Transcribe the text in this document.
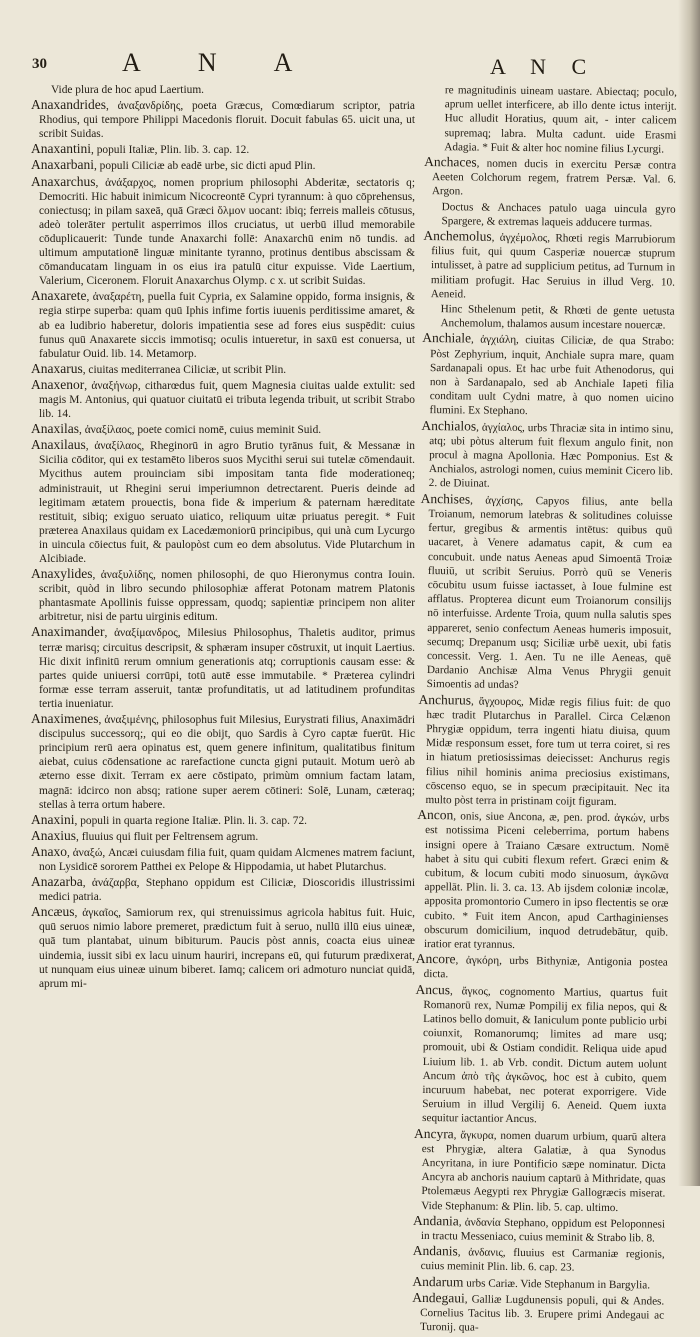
30	A N A	A N C

Vide plura de hoc apud Laertium.

Anaxandrides, ἀναξανδρίδης, poeta Græcus, Comœdiarum scriptor, patria Rhodius, qui tempore Philippi Macedonis floruit. Docuit fabulas 65. uicit una, ut scribit Suidas.

Anaxantini, populi Italiæ, Plin. lib. 3. cap. 12.

Anaxarbani, populi Ciliciæ ab eadē urbe, sic dicti apud Plin.

Anaxarchus, ἀνάξαρχος, nomen proprium philosophi Abderitæ, sectatoris q; Democriti. Hic habuit inimicum Nicocreontē Cypri tyrannum: à quo cōprehensus, coniectusq; in pilam saxeā, quā Græci ὅλμον uocant: ibiq; ferreis malleis cōtusus, adeò tolerāter pertulit asperrimos illos cruciatus, ut uerbū illud memorabile cōduplicauerit: Tunde tunde Anaxarchi follē: Anaxarchū enim nō tundis. ad ultimum amputationē linguæ minitante tyranno, protinus dentibus abscissam & cōmanducatam linguam in os eius ira patulū citur expuisse. Vide Laertium, Valerium, Ciceronem. Floruit Anaxarchus Olymp. c x. ut scribit Suidas.

Anaxarete, ἀναξαρέτη, puella fuit Cypria, ex Salamine oppido, forma insignis, & regia stirpe superba: quam quū Iphis infime fortis iuuenis perditissime amaret, & ab ea ludibrio haberetur, doloris impatientia sese ad fores eius suspēdit: cuius funus quū Anaxarete siccis immotisq; oculis intueretur, in saxū est conuersa, ut fabulatur Ouid. lib. 14. Metamorp.

Anaxarus, ciuitas mediterranea Ciliciæ, ut scribit Plin.

Anaxenor, ἀναξήνωρ, citharœdus fuit, quem Magnesia ciuitas ualde extulit: sed magis M. Antonius, qui quatuor ciuitatū ei tributa legenda tribuit, ut scribit Strabo lib. 14.

Anaxilas, ἀναξίλαος, poete comici nomē, cuius meminit Suid.

Anaxilaus, ἀναξίλαος, Rheginorū in agro Brutio tyrānus fuit, & Messanæ in Sicilia cōditor, qui ex testamēto liberos suos Mycithi serui sui tutelæ cōmendauit. Mycithus autem prouinciam sibi impositam tanta fide moderationeq; administrauit, ut Rhegini serui imperiumnon detrectarent. Pueris deinde ad legitimam ætatem prouectis, bona fide & imperium & paternam hæreditate restituit, sibiq; exiguo seruato uiatico, reliquum uitæ priuatus peregit. * Fuit præterea Anaxilaus quidam ex Lacedæmoniorū principibus, qui unà cum Lycurgo in uincula cōiectus fuit, & paulopòst cum eo dem absolutus. Vide Plutarchum in Alcibiade.

Anaxylides, ἀναξυλίδης, nomen philosophi, de quo Hieronymus contra Iouin. scribit, quòd in libro secundo philosophiæ afferat Potonam matrem Platonis phantasmate Apollinis fuisse oppressam, quodq; sapientiæ principem non aliter arbitretur, nisi de partu uirginis editum.

Anaximander, ἀναξίμανδρος, Milesius Philosophus, Thaletis auditor, primus terræ marisq; circuitus descripsit, & sphæram insuper cōstruxit, ut inquit Laertius. Hic dixit infinitū rerum omnium generationis atq; corruptionis causam esse: & partes quide uniuersi corrūpi, totū autē esse immutabile. * Præterea cylindri formæ esse terram asseruit, tantæ profunditatis, ut ad latitudinem profunditas tertia inueniatur.

Anaximenes, ἀναξιμένης, philosophus fuit Milesius, Eurystrati filius, Anaximādri discipulus successorq;, qui eo die obijt, quo Sardis à Cyro captæ fuerūt. Hic principium rerū aera opinatus est, quem genere infinitum, qualitatibus finitum aiebat, cuius cōdensatione ac rarefactione cuncta gigni putauit. Motum uerò ab æterno esse dixit. Terram ex aere cōstipato, primùm omnium factam latam, magnā: idcirco non absq; ratione super aerem cōtineri: Solē, Lunam, cæteraq; stellas à terra ortum habere.

Anaxini, populi in quarta regione Italiæ. Plin. li. 3. cap. 72.

Anaxius, fluuius qui fluit per Feltrensem agrum.

Anaxo, ἀναξώ, Ancæi cuiusdam filia fuit, quam quidam Alcmenes matrem faciunt, non Lysidicē sororem Patthei ex Pelope & Hippodamia, ut habet Plutarchus.

Anazarba, ἀνάζαρβα, Stephano oppidum est Ciliciæ, Dioscoridis illustrissimi medici patria.

Ancæus, ἀγκαῖος, Samiorum rex, qui strenuissimus agricola habitus fuit. Huic, quū seruos nimio labore premeret, prædictum fuit à seruo, nullū illū eius uineæ, quā tum plantabat, uinum bibiturum. Paucis pòst annis, coacta eius uineæ uindemia, iussit sibi ex lacu uinum hauriri, increpans eū, qui futurum prædixerat, ut nunquam eius uineæ uinum biberet. Iamq; calicem ori admoturo nunciat quidā, aprum mi-

re magnitudinis uineam uastare. Abiectaq; poculo, aprum uellet interficere, ab illo dente ictus interijt. Huc alludit Horatius, quum ait, - inter calicem supremaq; labra. Multa cadunt. uide Erasmi Adagia. * Fuit & alter hoc nomine filius Lycurgi.

Anchaces, nomen ducis in exercitu Persæ contra Aeeten Colchorum regem, fratrem Persæ. Val. 6. Argon.

Doctus & Anchaces patulo uaga uincula gyro Spargere, & extremas laqueis adducere turmas.

Anchemolus, ἀγχέμολος, Rhœti regis Marrubiorum filius fuit, qui quum Casperiæ nouercæ stuprum intulisset, à patre ad supplicium petitus, ad Turnum in militiam profugit. Hac Seruius in illud Verg. 10. Aeneid.

Hinc Sthelenum petit, & Rhœti de gente uetusta Anchemolum, thalamos ausum incestare nouercæ.

Anchiale, ἀγχιάλη, ciuitas Ciliciæ, de qua Strabo: Pòst Zephyrium, inquit, Anchiale supra mare, quam Sardanapali opus. Et hac urbe fuit Athenodorus, qui non à Sardanapalo, sed ab Anchiale Iapeti filia conditam uult Cydni matre, à quo nomen uicino flumini. Ex Stephano.

Anchialos, ἀγχίαλος, urbs Thraciæ sita in intimo sinu, atq; ubi pòtus alterum fuit flexum angulo finit, non procul à magna Apollonia. Hæc Pomponius. Est & Anchialos, astrologi nomen, cuius meminit Cicero lib. 2. de Diuinat.

Anchises, ἀγχίσης, Capyos filius, ante bella Troianum, nemorum latebras & solitudines coluisse fertur, gregibus & armentis intētus: quibus quū uacaret, à Venere adamatus capit, & cum ea concubuit. unde natus Aeneas apud Simoentā Troiæ fluuiū, ut scribit Seruius. Porrò quū se Veneris cōcubitu usum fuisse iactasset, à Ioue fulmine est afflatus. Propterea dicunt eum Troianorum consilijs nō interfuisse. Ardente Troia, quum nulla salutis spes appareret, senio confectum Aeneas humeris imposuit, secumq; Drepanum usq; Siciliæ urbē uexit, ubi fatis concessit. Verg. 1. Aen. Tu ne ille Aeneas, quē Dardanio Anchisæ Alma Venus Phrygii genuit Simoentis ad undas?

Anchurus, ἄγχουρος, Midæ regis filius fuit: de quo hæc tradit Plutarchus in Parallel. Circa Celænon Phrygiæ oppidum, terra ingenti hiatu diuisa, quum Midæ responsum esset, fore tum ut terra coiret, si res in hiatum pretiosissimas deiecisset: Anchurus regis filius nihil hominis anima preciosius existimans, cōscenso equo, se in specum præcipitauit. Nec ita multo pòst terra in pristinam coijt figuram.

Ancon, onis, siue Ancona, æ, pen. prod. ἀγκών, urbs est notissima Piceni celeberrima, portum habens insigni opere à Traiano Cæsare extructum. Nomē habet à situ qui cubiti flexum refert. Græci enim & cubitum, & locum cubiti modo sinuosum, ἀγκῶνα appellāt. Plin. li. 3. ca. 13. Ab ijsdem coloniæ incolæ, apposita promontorio Cumero in ipso flectentis se oræ cubito. * Fuit item Ancon, apud Carthaginienses obscurum domicilium, inquod detrudebātur, quib. iratior erat tyrannus.

Ancore, ἀγκόρη, urbs Bithyniæ, Antigonia postea dicta.

Ancus, ἄγκος, cognomento Martius, quartus fuit Romanorū rex, Numæ Pompilij ex filia nepos, qui & Latinos bello domuit, & Ianiculum ponte publicio urbi coiunxit, Romanorumq; limites ad mare usq; promouit, ubi & Ostiam condidit. Reliqua uide apud Liuium lib. 1. ab Vrb. condit. Dictum autem uolunt Ancum ἀπὸ τῆς ἀγκῶνος, hoc est à cubito, quem incuruum habebat, nec poterat exporrigere. Vide Seruium in illud Vergilij 6. Aeneid. Quem iuxta sequitur iactantior Ancus.

Ancyra, ἄγκυρα, nomen duarum urbium, quarū altera est Phrygiæ, altera Galatiæ, à qua Synodus Ancyritana, in iure Pontificio sæpe nominatur. Dicta Ancyra ab anchoris nauium captarū à Mithridate, quas Ptolemæus Aegypti rex Phrygiæ Gallogræcis miserat. Vide Stephanum: & Plin. lib. 5. cap. ultimo.

Andania, ἀνδανία Stephano, oppidum est Peloponnesi in tractu Messeniaco, cuius meminit & Strabo lib. 8.

Andanis, ἀνδανις, fluuius est Carmaniæ regionis, cuius meminit Plin. lib. 6. cap. 23.

Andarum urbs Cariæ. Vide Stephanum in Bargylia.

Andegaui, Galliæ Lugdunensis populi, qui & Andes. Cornelius Tacitus lib. 3. Erupere primi Andegaui ac Turonij. qua-
